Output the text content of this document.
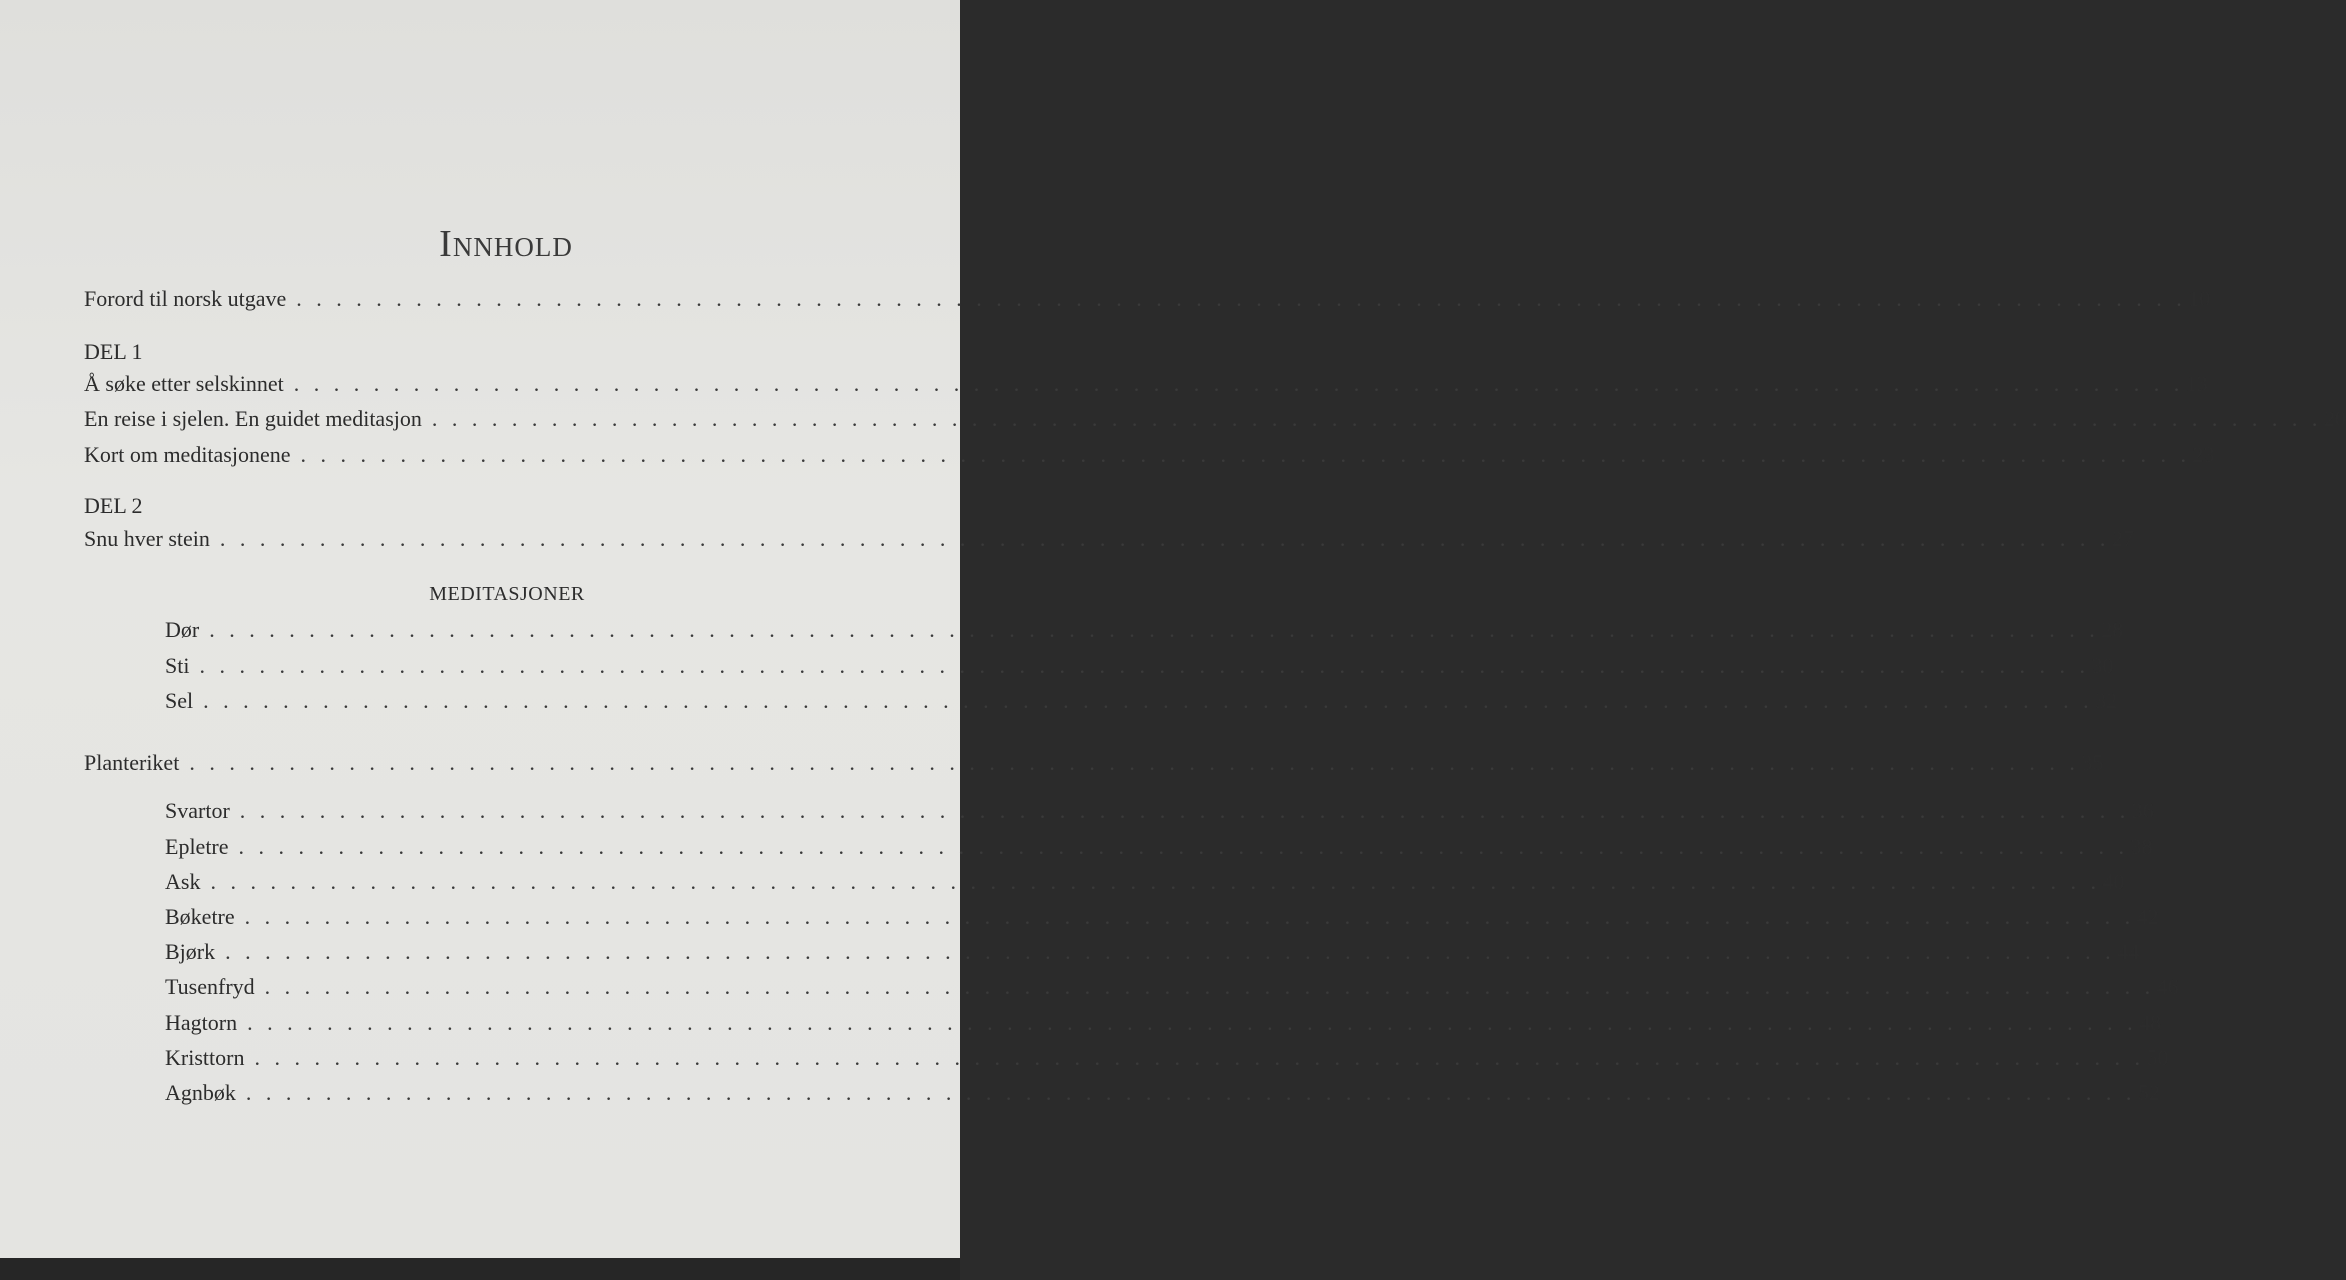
Innhold
Forord til norsk utgave . . . . . . . . . . . . . . . . . . . . . . . . . . . . . . . . . . . . . . . . . . . . . . . . . . . . . . . . . . . . . . . . . . . . . . . . . . . . . . . . . . . . . . . . . . . . . . . 10
DEL 1
Å søke etter selskinnet . . . . . . . . . . . . . . . . . . . . . . . . . . . . . . . . . . . . . . . . . . . . . . . . . . . . . . . . . . . . . . . . . . . . . . . . . . . . . . . . . . . . . . . . . . . . . . . 13
En reise i sjelen. En guidet meditasjon . . . . . . . . . . . . . . . . . . . . . . . . . . . . . . . . . . . . . . . . . . . . . . . . . . . . . . . . . . . . . . . . . . . . . . . . . . . . . . . . . . . . . . . . . . . . . . . 20
Kort om meditasjonene . . . . . . . . . . . . . . . . . . . . . . . . . . . . . . . . . . . . . . . . . . . . . . . . . . . . . . . . . . . . . . . . . . . . . . . . . . . . . . . . . . . . . . . . . . . . . . . 23
DEL 2
Snu hver stein . . . . . . . . . . . . . . . . . . . . . . . . . . . . . . . . . . . . . . . . . . . . . . . . . . . . . . . . . . . . . . . . . . . . . . . . . . . . . . . . . . . . . . . . . . . . . . . 27
MEDITASJONER
Dør . . . . . . . . . . . . . . . . . . . . . . . . . . . . . . . . . . . . . . . . . . . . . . . . . . . . . . . . . . . . . . . . . . . . . . . . . . . . . . . . . . . . . . . . . . . . . . . 28
Sti . . . . . . . . . . . . . . . . . . . . . . . . . . . . . . . . . . . . . . . . . . . . . . . . . . . . . . . . . . . . . . . . . . . . . . . . . . . . . . . . . . . . . . . . . . . . . . . 30
Sel . . . . . . . . . . . . . . . . . . . . . . . . . . . . . . . . . . . . . . . . . . . . . . . . . . . . . . . . . . . . . . . . . . . . . . . . . . . . . . . . . . . . . . . . . . . . . . . 32
Planteriket . . . . . . . . . . . . . . . . . . . . . . . . . . . . . . . . . . . . . . . . . . . . . . . . . . . . . . . . . . . . . . . . . . . . . . . . . . . . . . . . . . . . . . . . . . . . . . . 35
Svartor . . . . . . . . . . . . . . . . . . . . . . . . . . . . . . . . . . . . . . . . . . . . . . . . . . . . . . . . . . . . . . . . . . . . . . . . . . . . . . . . . . . . . . . . . . . . . . . 36
Epletre . . . . . . . . . . . . . . . . . . . . . . . . . . . . . . . . . . . . . . . . . . . . . . . . . . . . . . . . . . . . . . . . . . . . . . . . . . . . . . . . . . . . . . . . . . . . . . . 38
Ask . . . . . . . . . . . . . . . . . . . . . . . . . . . . . . . . . . . . . . . . . . . . . . . . . . . . . . . . . . . . . . . . . . . . . . . . . . . . . . . . . . . . . . . . . . . . . . . 40
Bøketre . . . . . . . . . . . . . . . . . . . . . . . . . . . . . . . . . . . . . . . . . . . . . . . . . . . . . . . . . . . . . . . . . . . . . . . . . . . . . . . . . . . . . . . . . . . . . . . 42
Bjørk . . . . . . . . . . . . . . . . . . . . . . . . . . . . . . . . . . . . . . . . . . . . . . . . . . . . . . . . . . . . . . . . . . . . . . . . . . . . . . . . . . . . . . . . . . . . . . . 44
Tusenfryd . . . . . . . . . . . . . . . . . . . . . . . . . . . . . . . . . . . . . . . . . . . . . . . . . . . . . . . . . . . . . . . . . . . . . . . . . . . . . . . . . . . . . . . . . . . . . . . 46
Hagtorn . . . . . . . . . . . . . . . . . . . . . . . . . . . . . . . . . . . . . . . . . . . . . . . . . . . . . . . . . . . . . . . . . . . . . . . . . . . . . . . . . . . . . . . . . . . . . . . 48
Kristtorn . . . . . . . . . . . . . . . . . . . . . . . . . . . . . . . . . . . . . . . . . . . . . . . . . . . . . . . . . . . . . . . . . . . . . . . . . . . . . . . . . . . . . . . . . . . . . . . 50
Agnbøk . . . . . . . . . . . . . . . . . . . . . . . . . . . . . . . . . . . . . . . . . . . . . . . . . . . . . . . . . . . . . . . . . . . . . . . . . . . . . . . . . . . . . . . . . . . . . . . 52
